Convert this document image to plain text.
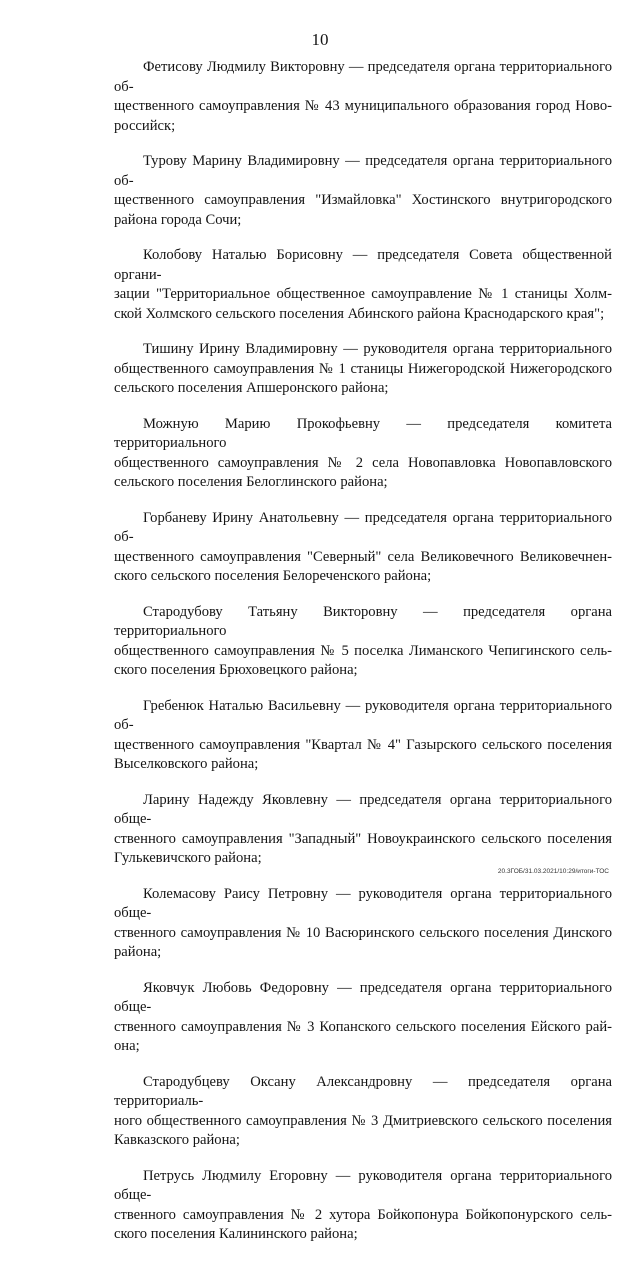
10

Фетисову Людмилу Викторовну — председателя органа территориального об-
щественного самоуправления № 43 муниципального образования город Ново-
российск;

Турову Марину Владимировну — председателя органа территориального об-
щественного самоуправления "Измайловка" Хостинского внутригородского
района города Сочи;

Колобову Наталью Борисовну — председателя Совета общественной органи-
зации "Территориальное общественное самоуправление № 1 станицы Холм-
ской Холмского сельского поселения Абинского района Краснодарского края";

Тишину Ирину Владимировну — руководителя органа территориального
общественного самоуправления № 1 станицы Нижегородской Нижегородского
сельского поселения Апшеронского района;

Можную Марию Прокофьевну — председателя комитета территориального
общественного самоуправления № 2 села Новопавловка Новопавловского
сельского поселения Белоглинского района;

Горбаневу Ирину Анатольевну — председателя органа территориального об-
щественного самоуправления "Северный" села Великовечного Великовечнен-
ского сельского поселения Белореченского района;

Стародубову Татьяну Викторовну — председателя органа территориального
общественного самоуправления № 5 поселка Лиманского Чепигинского сель-
ского поселения Брюховецкого района;

Гребенюк Наталью Васильевну — руководителя органа территориального об-
щественного самоуправления "Квартал № 4" Газырского сельского поселения
Выселковского района;

Ларину Надежду Яковлевну — председателя органа территориального обще-
ственного самоуправления "Западный" Новоукраинского сельского поселения
Гулькевичского района;

Колемасову Раису Петровну — руководителя органа территориального обще-
ственного самоуправления № 10 Васюринского сельского поселения Динского
района;

Яковчук Любовь Федоровну — председателя органа территориального обще-
ственного самоуправления № 3 Копанского сельского поселения Ейского рай-
она;

Стародубцеву Оксану Александровну — председателя органа территориаль-
ного общественного самоуправления № 3 Дмитриевского сельского поселения
Кавказского района;

Петрусь Людмилу Егоровну — руководителя органа территориального обще-
ственного самоуправления № 2 хутора Бойкопонура Бойкопонурского сель-
ского поселения Калининского района;

20.3ГОБ/31.03.2021/10:29/итоги-ТОС
